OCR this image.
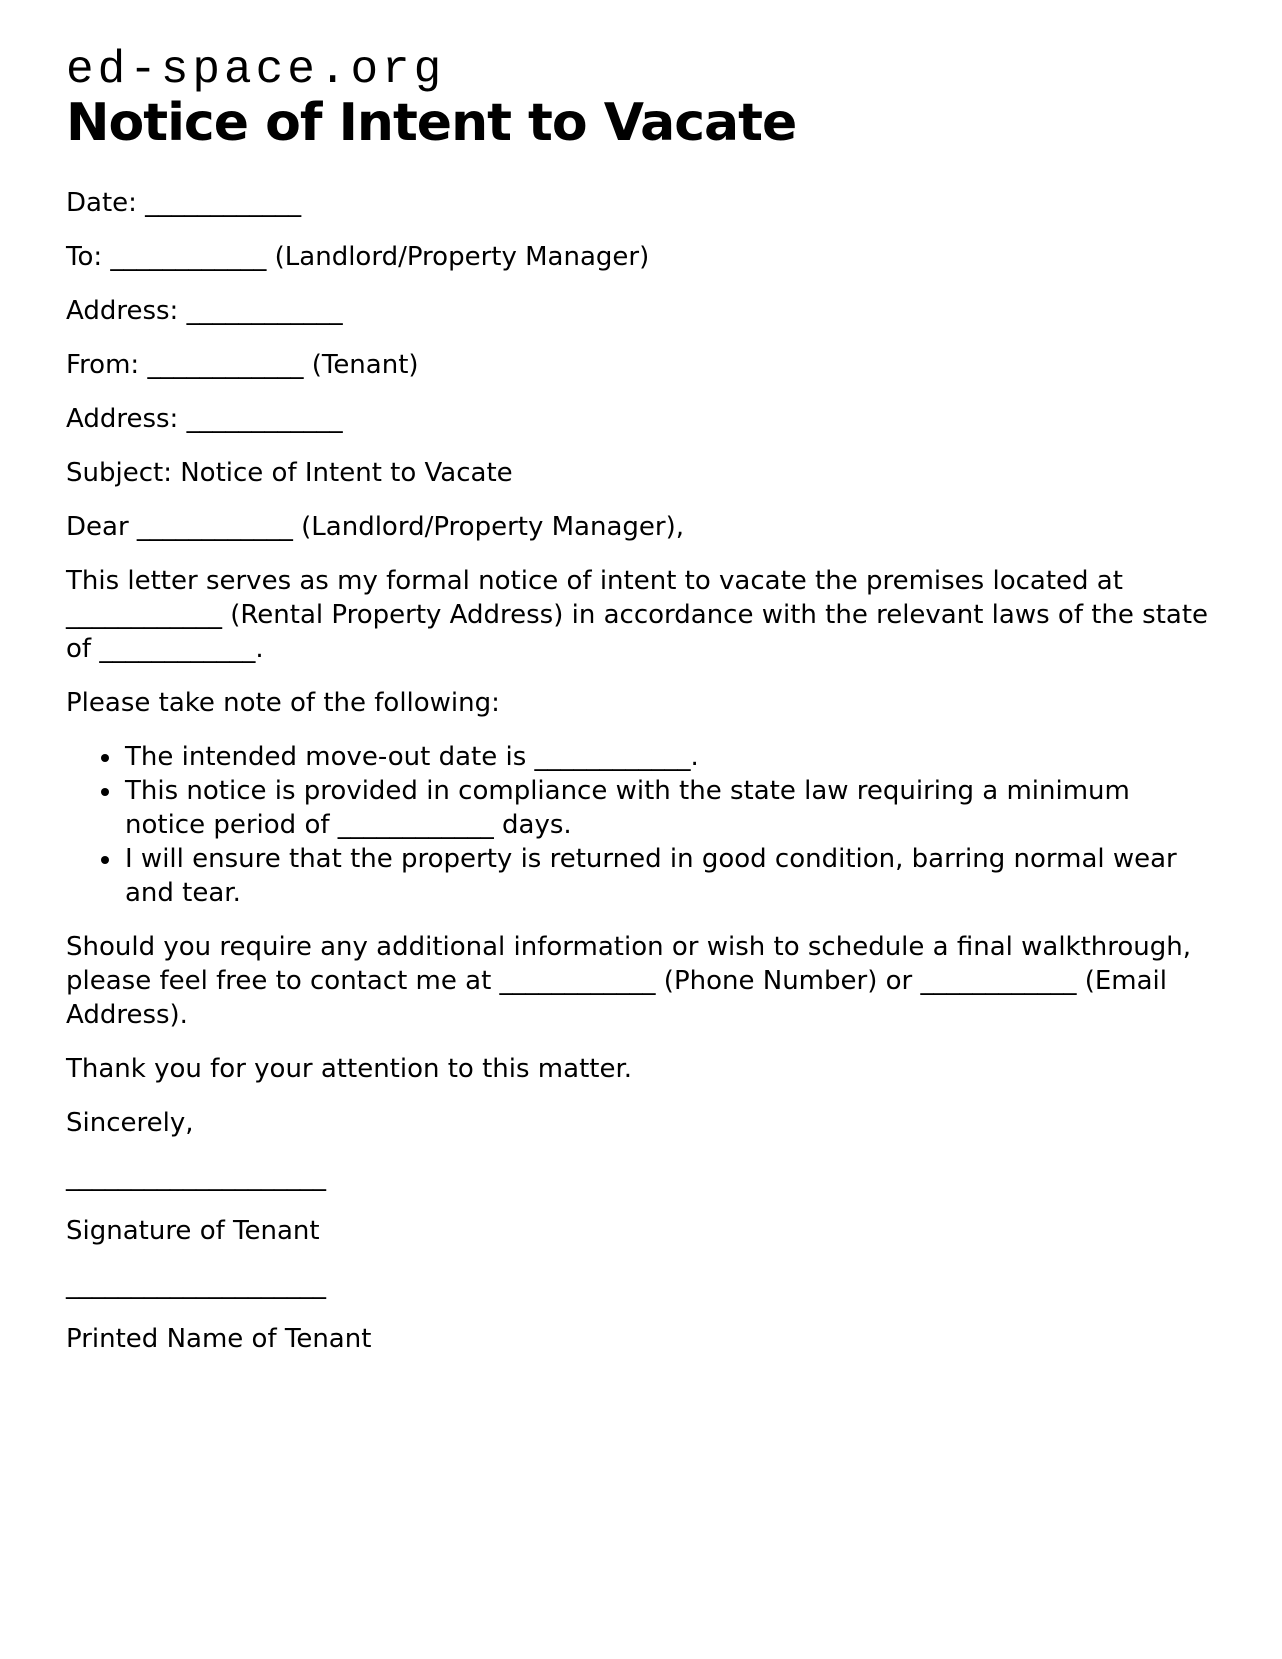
ed-space.org

Notice of Intent to Vacate

Date: ____________

To: ____________ (Landlord/Property Manager)

Address: ____________

From: ____________ (Tenant)

Address: ____________

Subject: Notice of Intent to Vacate

Dear ____________ (Landlord/Property Manager),

This letter serves as my formal notice of intent to vacate the premises located at ____________ (Rental Property Address) in accordance with the relevant laws of the state of ____________.

Please take note of the following:

• The intended move-out date is ____________.
• This notice is provided in compliance with the state law requiring a minimum notice period of ____________ days.
• I will ensure that the property is returned in good condition, barring normal wear and tear.

Should you require any additional information or wish to schedule a final walkthrough, please feel free to contact me at ____________ (Phone Number) or ____________ (Email Address).

Thank you for your attention to this matter.

Sincerely,

____________________

Signature of Tenant

____________________

Printed Name of Tenant
